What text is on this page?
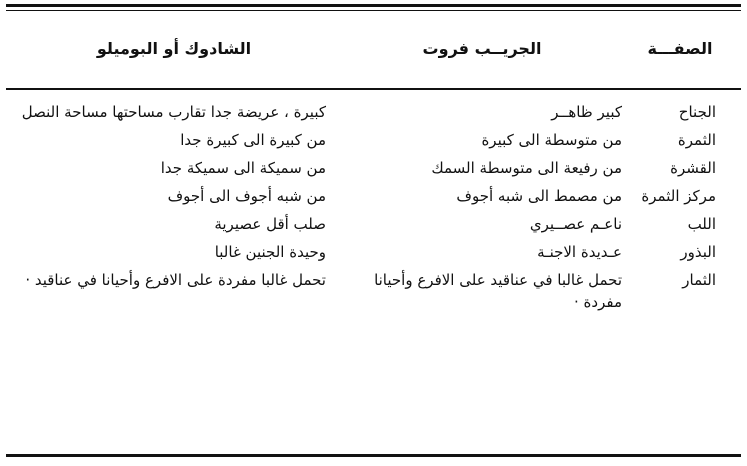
الصفـــة	الجريــب فروت	الشادوك أو البوميلو

الجناح	كبير ظاهــر	كبيرة ، عريضة جدا تقارب مساحتها مساحة النصل
الثمرة	من متوسطة الى كبيرة	من كبيرة الى كبيرة جدا
القشرة	من رفيعة الى متوسطة السمك	من سميكة الى سميكة جدا
مركز الثمرة	من مصمط الى شبه أجوف	من شبه أجوف الى أجوف
اللب	ناعـم عصــيري	صلب أقل عصيرية
البذور	عـديدة الاجنـة	وحيدة الجنين غالبا
الثمار	تحمل غالبا في عناقيد على الافرع وأحيانا مفردة ·	تحمل غالبا مفردة على الافرع وأحيانا في عناقيد ·
